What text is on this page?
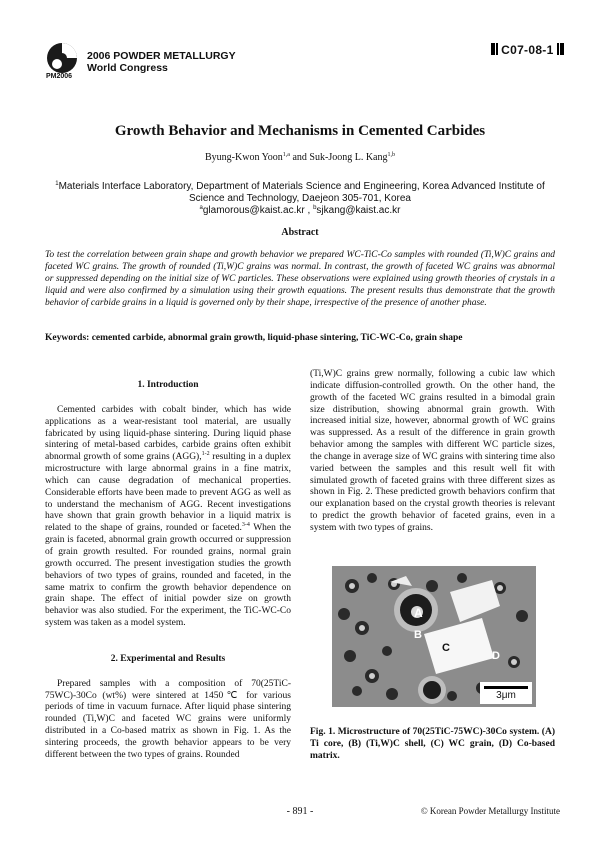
2006 POWDER METALLURGY
World Congress
PM2006
C07-08-1
Growth Behavior and Mechanisms in Cemented Carbides
Byung-Kwon Yoon$^{1,a}$ and Suk-Joong L. Kang$^{1,b}$
$^1$Materials Interface Laboratory, Department of Materials Science and Engineering, Korea Advanced Institute of Science and Technology, Daejeon 305-701, Korea
$^a$glamorous@kaist.ac.kr , $^b$sjkang@kaist.ac.kr
Abstract
To test the correlation between grain shape and growth behavior we prepared WC-TiC-Co samples with rounded (Ti,W)C grains and faceted WC grains. The growth of rounded (Ti,W)C grains was normal. In contrast, the growth of faceted WC grains was abnormal or suppressed depending on the initial size of WC particles. These observations were explained using growth theories of crystals in a liquid and were also confirmed by a simulation using their growth equations. The present results thus demonstrate that the growth behavior of carbide grains in a liquid is governed only by their shape, irrespective of the presence of another phase.
Keywords: cemented carbide, abnormal grain growth, liquid-phase sintering, TiC-WC-Co, grain shape
1. Introduction
Cemented carbides with cobalt binder, which has wide applications as a wear-resistant tool material, are usually fabricated by using liquid-phase sintering. During liquid phase sintering of metal-based carbides, carbide grains often exhibit abnormal growth of some grains (AGG),$^{1-2}$ resulting in a duplex microstructure with large abnormal grains in a fine matrix, which can cause degradation of mechanical properties. Considerable efforts have been made to prevent AGG as well as to understand the mechanism of AGG. Recent investigations have shown that grain growth behavior in a liquid matrix is related to the shape of grains, rounded or faceted.$^{3-4}$ When the grain is faceted, abnormal grain growth occurred or suppression of grain growth resulted. For rounded grains, normal grain growth occurred. The present investigation studies the growth behaviors of two types of grains, rounded and faceted, in the same matrix to confirm the growth behavior dependence on grain shape. The effect of initial powder size on growth behavior was also studied. For the experiment, the TiC-WC-Co system was taken as a model system.
2. Experimental and Results
Prepared samples with a composition of 70(25TiC-75WC)-30Co (wt%) were sintered at 1450℃ for various periods of time in vacuum furnace. After liquid phase sintering rounded (Ti,W)C and faceted WC grains were uniformly distributed in a Co-based matrix as shown in Fig. 1. As the sintering proceeds, the growth behavior appears to be very different between the two types of grains. Rounded
(Ti,W)C grains grew normally, following a cubic law which indicate diffusion-controlled growth. On the other hand, the growth of the faceted WC grains resulted in a bimodal grain size distribution, showing abnormal grain growth. With increased initial size, however, abnormal growth of WC grains was suppressed. As a result of the difference in grain growth behavior among the samples with different WC particle sizes, the change in average size of WC grains with sintering time also varied between the samples and this result well fit with simulated growth of faceted grains with three different sizes as shown in Fig. 2. These predicted growth behaviors confirm that our explanation based on the crystal growth theories is relevant to predict the growth behavior of faceted grains, even in a system with two types of grains.
A
B
C
D
3μm
Fig. 1. Microstructure of 70(25TiC-75WC)-30Co system. (A) Ti core, (B) (Ti,W)C shell, (C) WC grain, (D) Co-based matrix.
- 891 -	© Korean Powder Metallurgy Institute
